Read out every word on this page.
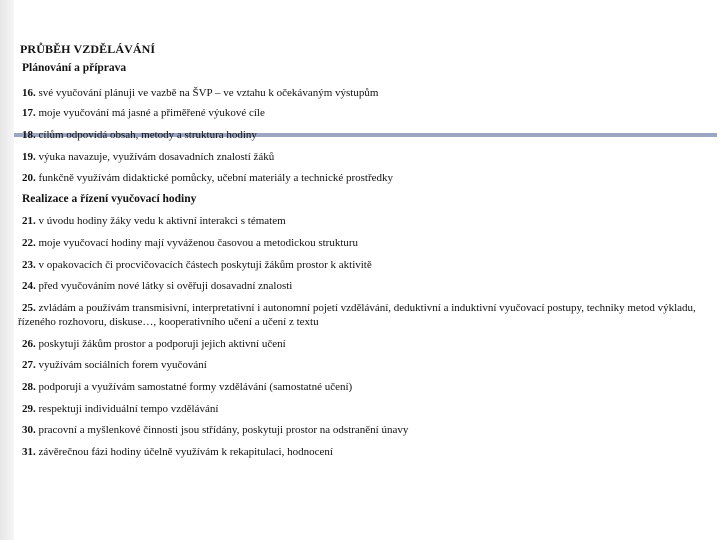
PRŮBĚH VZDĚLÁVÁNÍ
Plánování a příprava
16. své vyučování plánuji ve vazbě na ŠVP – ve vztahu k očekávaným výstupům
17. moje vyučování má jasné a přiměřené výukové cíle
18. cílům odpovídá obsah, metody a struktura hodiny
19. výuka navazuje, využívám dosavadních znalostí žáků
20. funkčně využívám didaktické pomůcky, učební materiály a technické prostředky
Realizace a řízení vyučovací hodiny
21. v úvodu hodiny žáky vedu k aktivní interakci s tématem
22. moje vyučovací hodiny mají vyváženou časovou a metodickou strukturu
23. v opakovacích či procvičovacích částech poskytuji žákům prostor k aktivitě
24. před vyučováním nové látky si ověřuji dosavadní znalosti
25. zvládám a používám transmisivní, interpretativní i autonomní pojetí vzdělávání, deduktivní a induktivní vyučovací postupy, techniky metod výkladu, řízeného rozhovoru, diskuse…, kooperativního učení a učení z textu
26. poskytuji žákům prostor a podporuji jejich aktivní učení
27. využívám sociálních forem vyučování
28. podporuji a využívám samostatné formy vzdělávání (samostatné učení)
29. respektuji individuální tempo vzdělávání
30. pracovní a myšlenkové činnosti jsou střídány, poskytuji prostor na odstranění únavy
31. závěrečnou fázi hodiny účelně využívám k rekapitulaci, hodnocení
